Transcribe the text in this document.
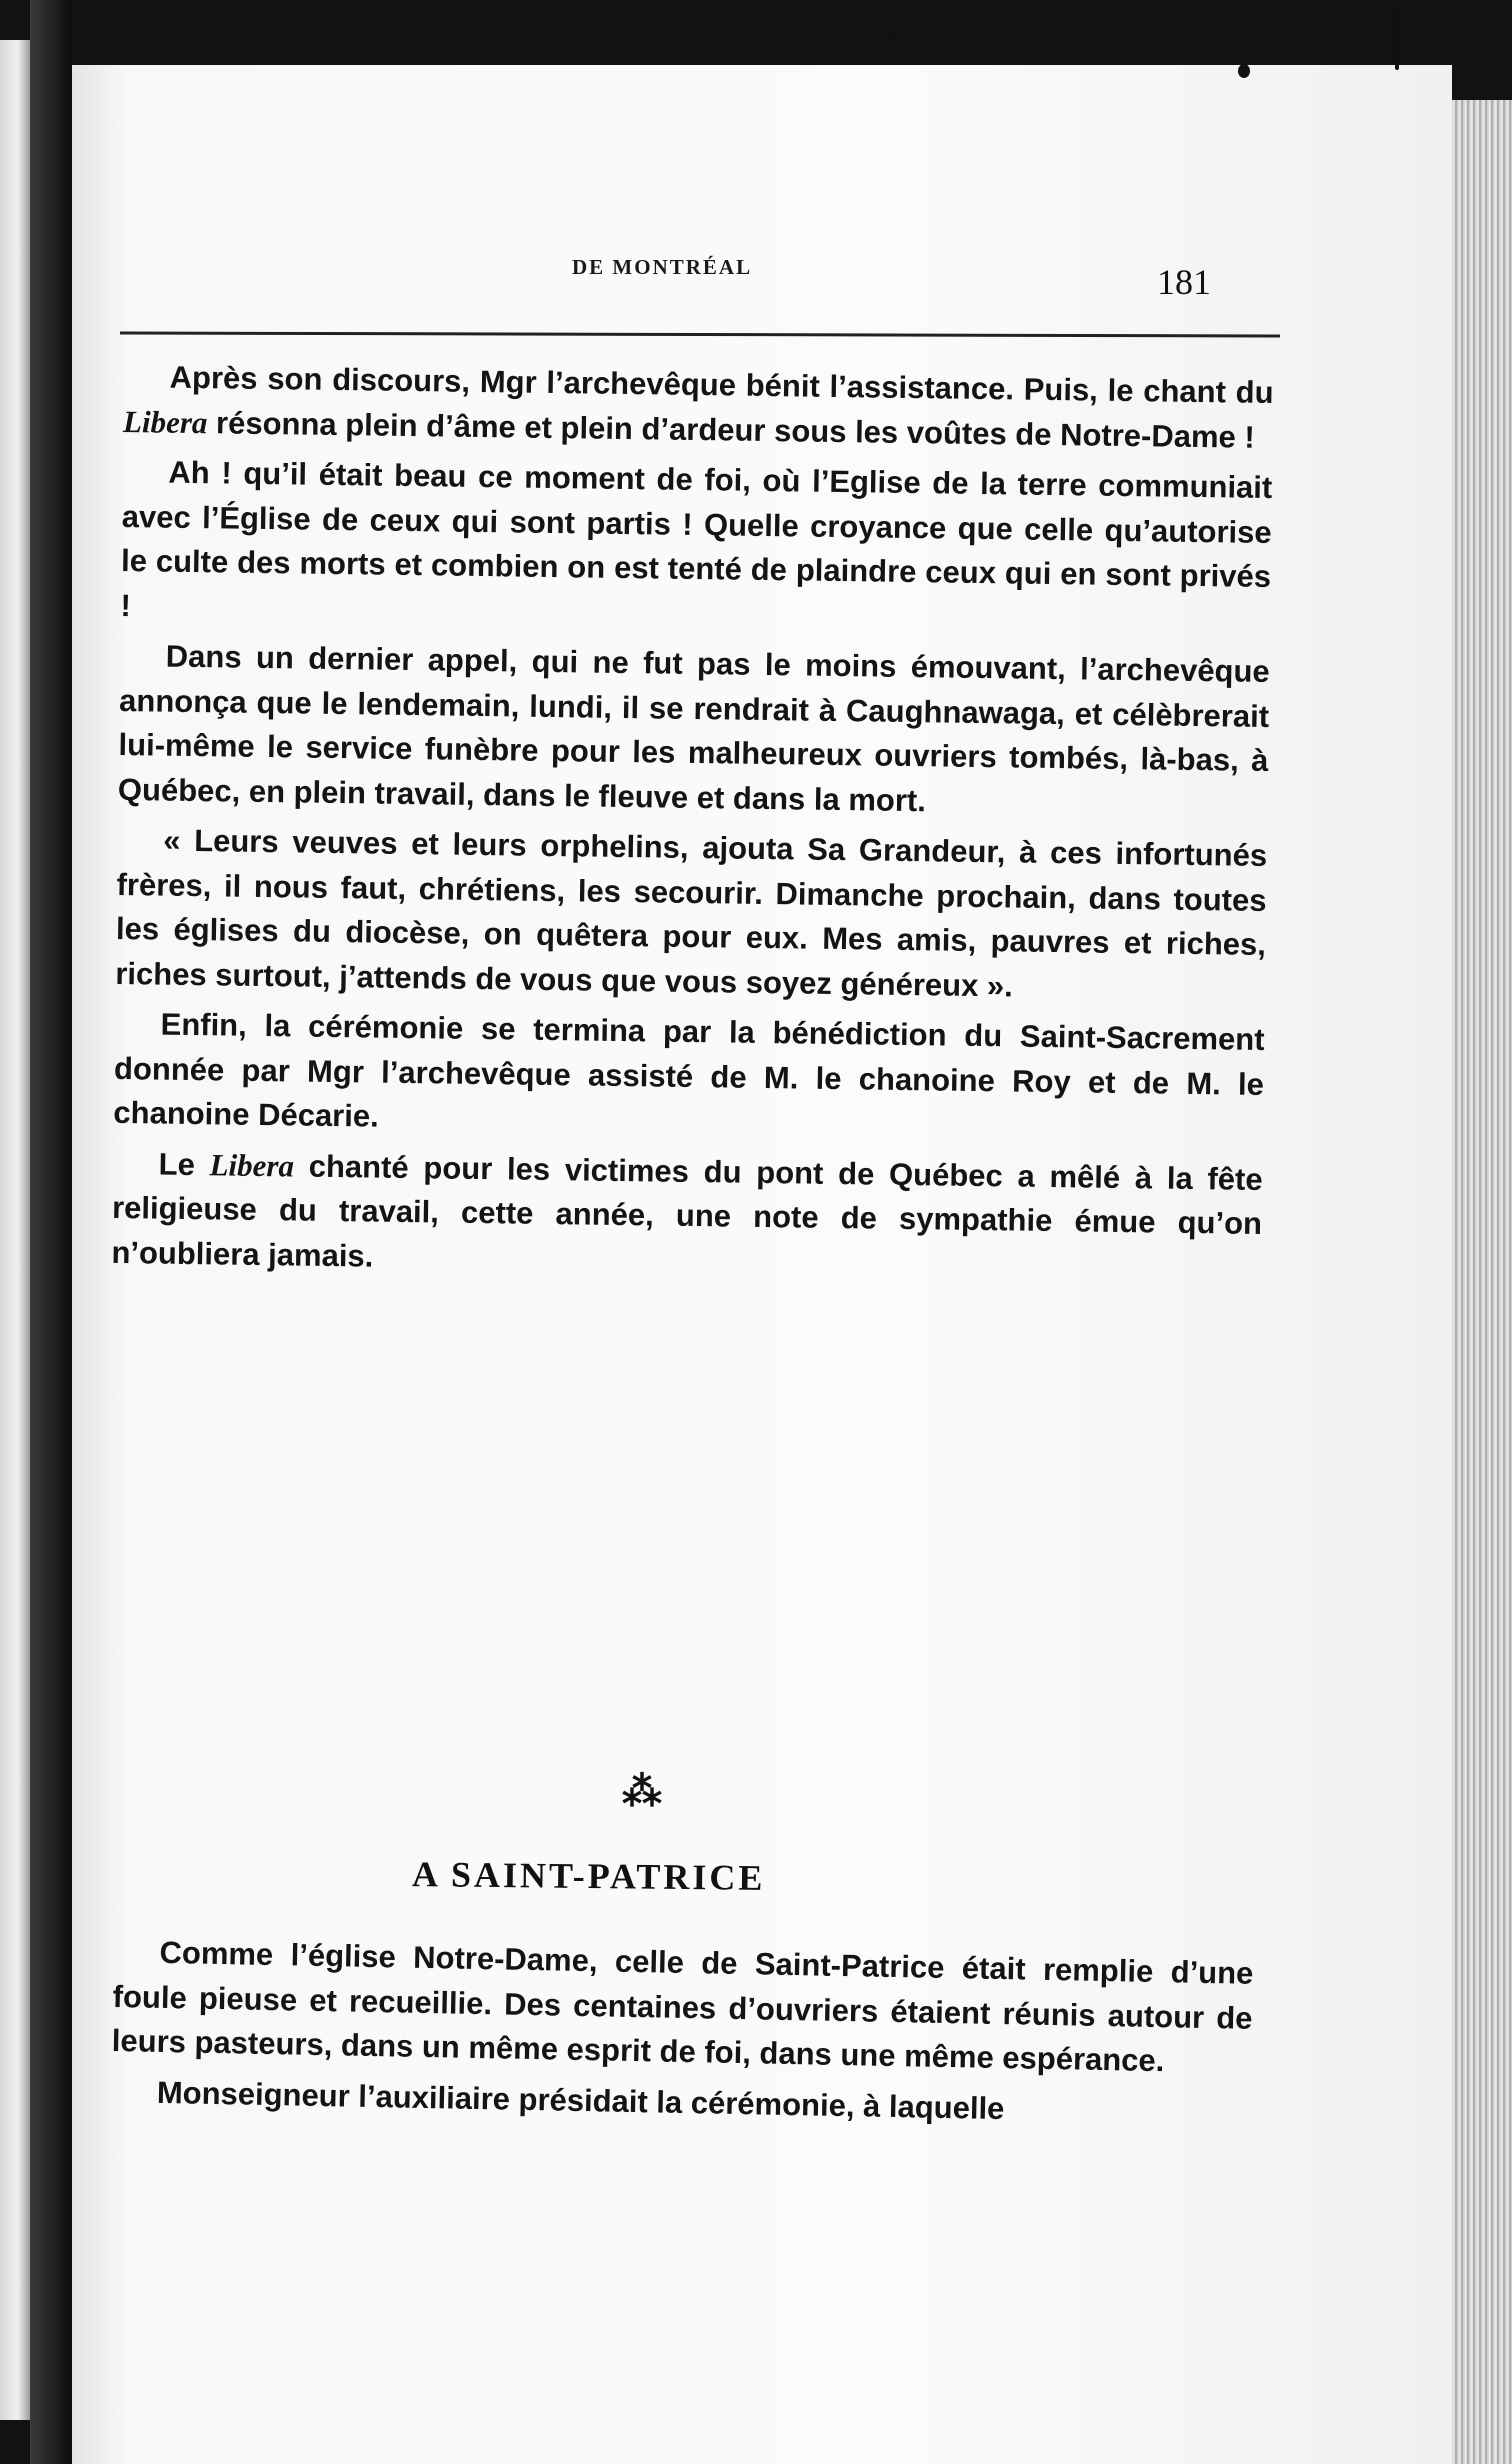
DE MONTRÉAL	181

Après son discours, Mgr l’archevêque bénit l’assistance. Puis, le chant du Libera résonna plein d’âme et plein d’ardeur sous les voûtes de Notre-Dame !

Ah ! qu’il était beau ce moment de foi, où l’Eglise de la terre communiait avec l’Église de ceux qui sont partis ! Quelle croyance que celle qu’autorise le culte des morts et combien on est tenté de plaindre ceux qui en sont privés !

Dans un dernier appel, qui ne fut pas le moins émouvant, l’archevêque annonça que le lendemain, lundi, il se rendrait à Caughnawaga, et célèbrerait lui-même le service funèbre pour les malheureux ouvriers tombés, là-bas, à Québec, en plein travail, dans le fleuve et dans la mort.

« Leurs veuves et leurs orphelins, ajouta Sa Grandeur, à ces infortunés frères, il nous faut, chrétiens, les secourir. Dimanche prochain, dans toutes les églises du diocèse, on quêtera pour eux. Mes amis, pauvres et riches, riches surtout, j’attends de vous que vous soyez généreux ».

Enfin, la cérémonie se termina par la bénédiction du Saint-Sacrement donnée par Mgr l’archevêque assisté de M. le chanoine Roy et de M. le chanoine Décarie.

Le Libera chanté pour les victimes du pont de Québec a mêlé à la fête religieuse du travail, cette année, une note de sympathie émue qu’on n’oubliera jamais.

⁂
A SAINT-PATRICE

Comme l’église Notre-Dame, celle de Saint-Patrice était remplie d’une foule pieuse et recueillie. Des centaines d’ouvriers étaient réunis autour de leurs pasteurs, dans un même esprit de foi, dans une même espérance.

Monseigneur l’auxiliaire présidait la cérémonie, à laquelle
